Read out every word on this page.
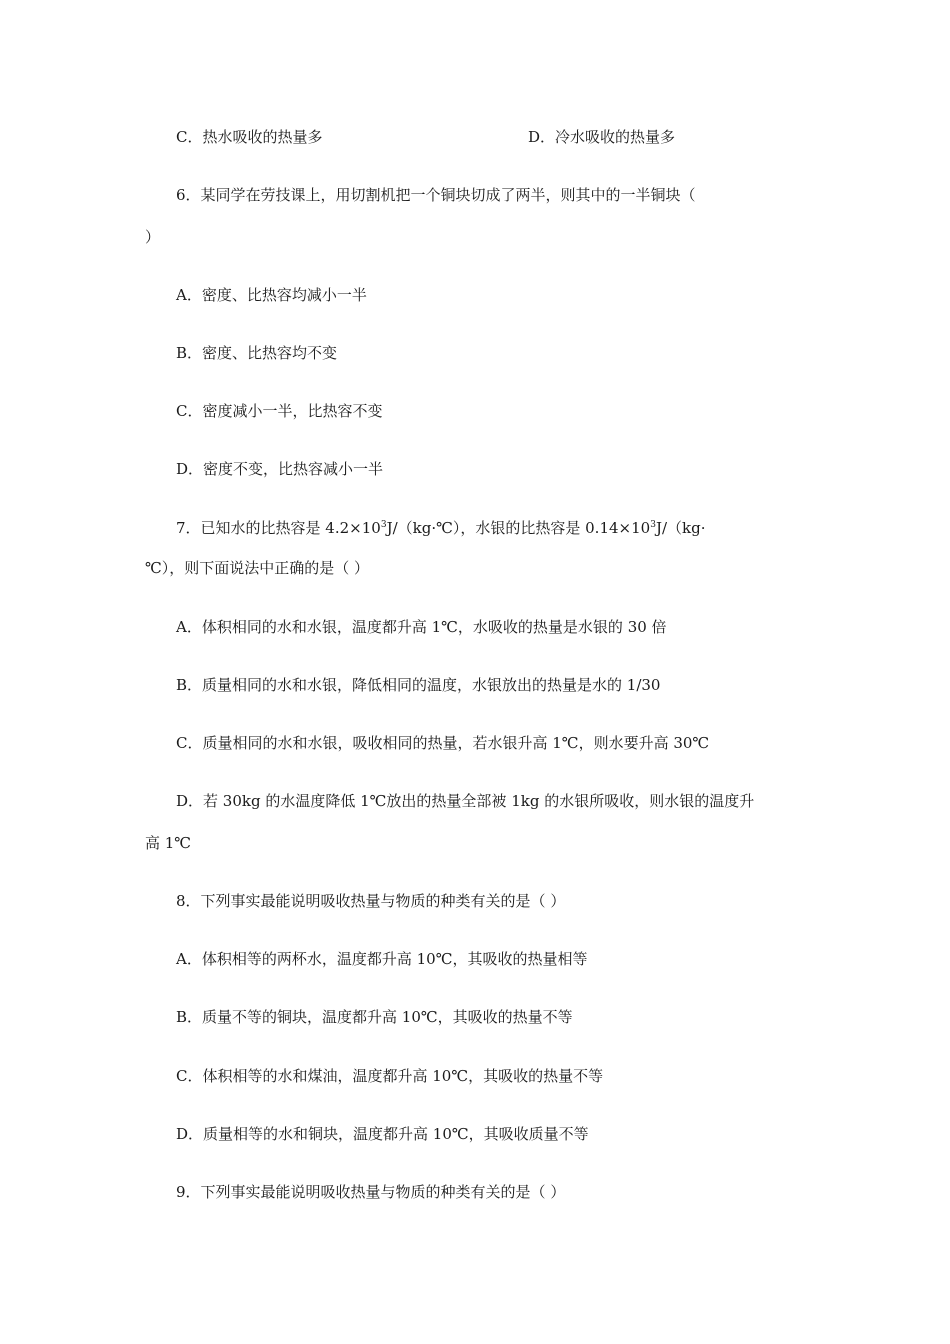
C．热水吸收的热量多	D．冷水吸收的热量多
6．某同学在劳技课上，用切割机把一个铜块切成了两半，则其中的一半铜块（
）
A．密度、比热容均减小一半
B．密度、比热容均不变
C．密度减小一半，比热容不变
D．密度不变，比热容减小一半
7．已知水的比热容是 $4.2\times 10^3J/(kg\cdot℃)$，水银的比热容是 $0.14\times 10^3J/(kg\cdot$
℃），则下面说法中正确的是（ ）
A．体积相同的水和水银，温度都升高 1℃，水吸收的热量是水银的 30 倍
B．质量相同的水和水银，降低相同的温度，水银放出的热量是水的 1/30
C．质量相同的水和水银，吸收相同的热量，若水银升高 1℃，则水要升高 30℃
D．若 30kg 的水温度降低 1℃放出的热量全部被 1kg 的水银所吸收，则水银的温度升
高 1℃
8．下列事实最能说明吸收热量与物质的种类有关的是（ ）
A．体积相等的两杯水，温度都升高 10℃，其吸收的热量相等
B．质量不等的铜块，温度都升高 10℃，其吸收的热量不等
C．体积相等的水和煤油，温度都升高 10℃，其吸收的热量不等
D．质量相等的水和铜块，温度都升高 10℃，其吸收质量不等
9．下列事实最能说明吸收热量与物质的种类有关的是（ ）
